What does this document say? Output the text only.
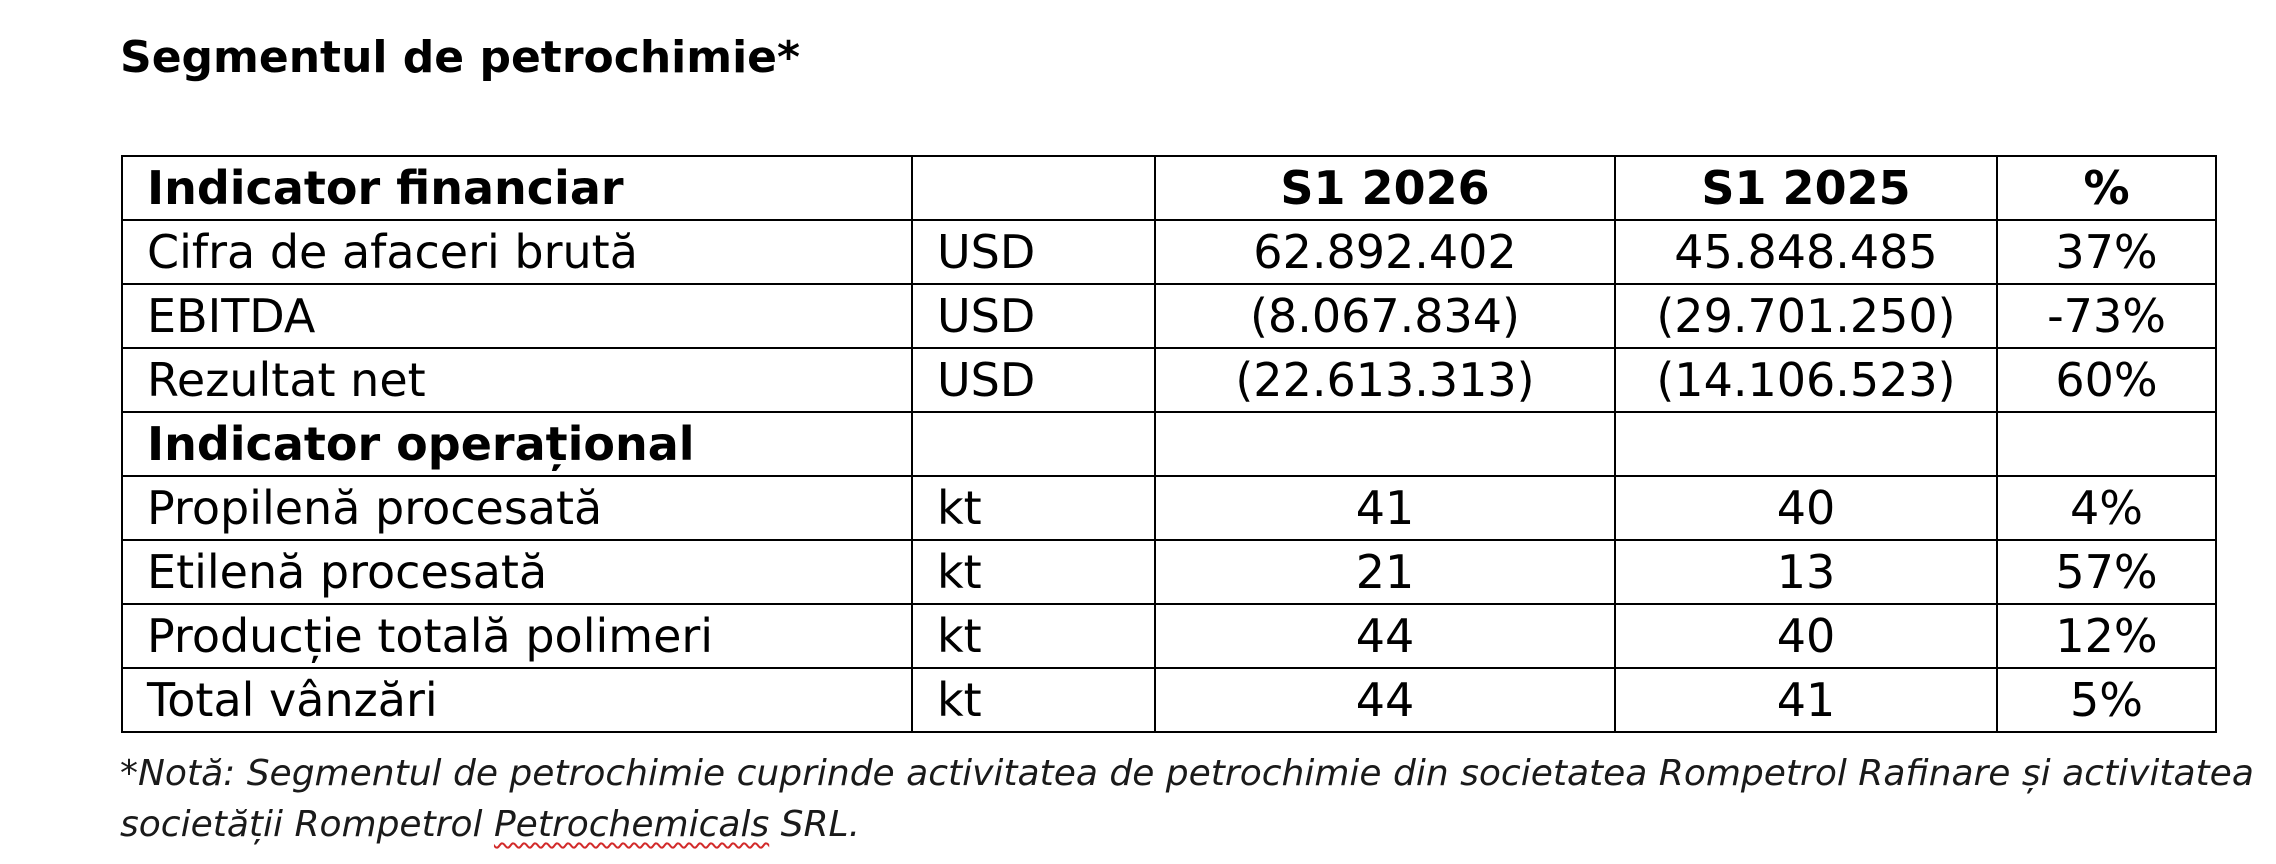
Segmentul de petrochimie*
Indicator financiar		S1 2026	S1 2025	%
Cifra de afaceri brută	USD	62.892.402	45.848.485	37%
EBITDA	USD	(8.067.834)	(29.701.250)	-73%
Rezultat net	USD	(22.613.313)	(14.106.523)	60%
Indicator operațional				
Propilenă procesată	kt	41	40	4%
Etilenă procesată	kt	21	13	57%
Producție totală polimeri	kt	44	40	12%
Total vânzări	kt	44	41	5%
*Notă: Segmentul de petrochimie cuprinde activitatea de petrochimie din societatea Rompetrol Rafinare și activitatea societății Rompetrol Petrochemicals SRL.
